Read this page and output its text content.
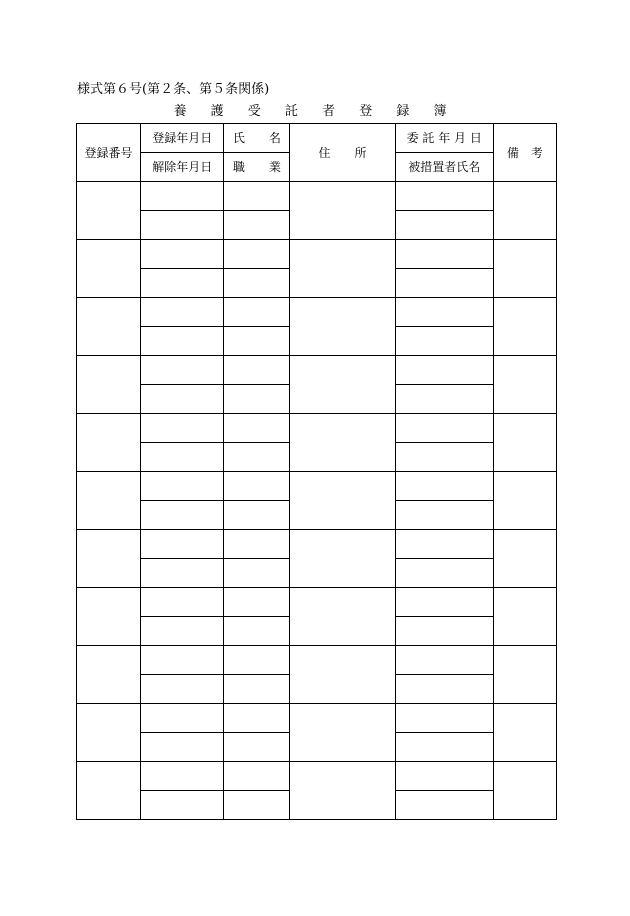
様式第６号(第２条、第５条関係)
養 護 受 託 者 登 録 簿
登録番号	登録年月日	氏　　名	住　　所	委 託 年 月 日	備　考
	解除年月日	職　　業		被措置者氏名	
